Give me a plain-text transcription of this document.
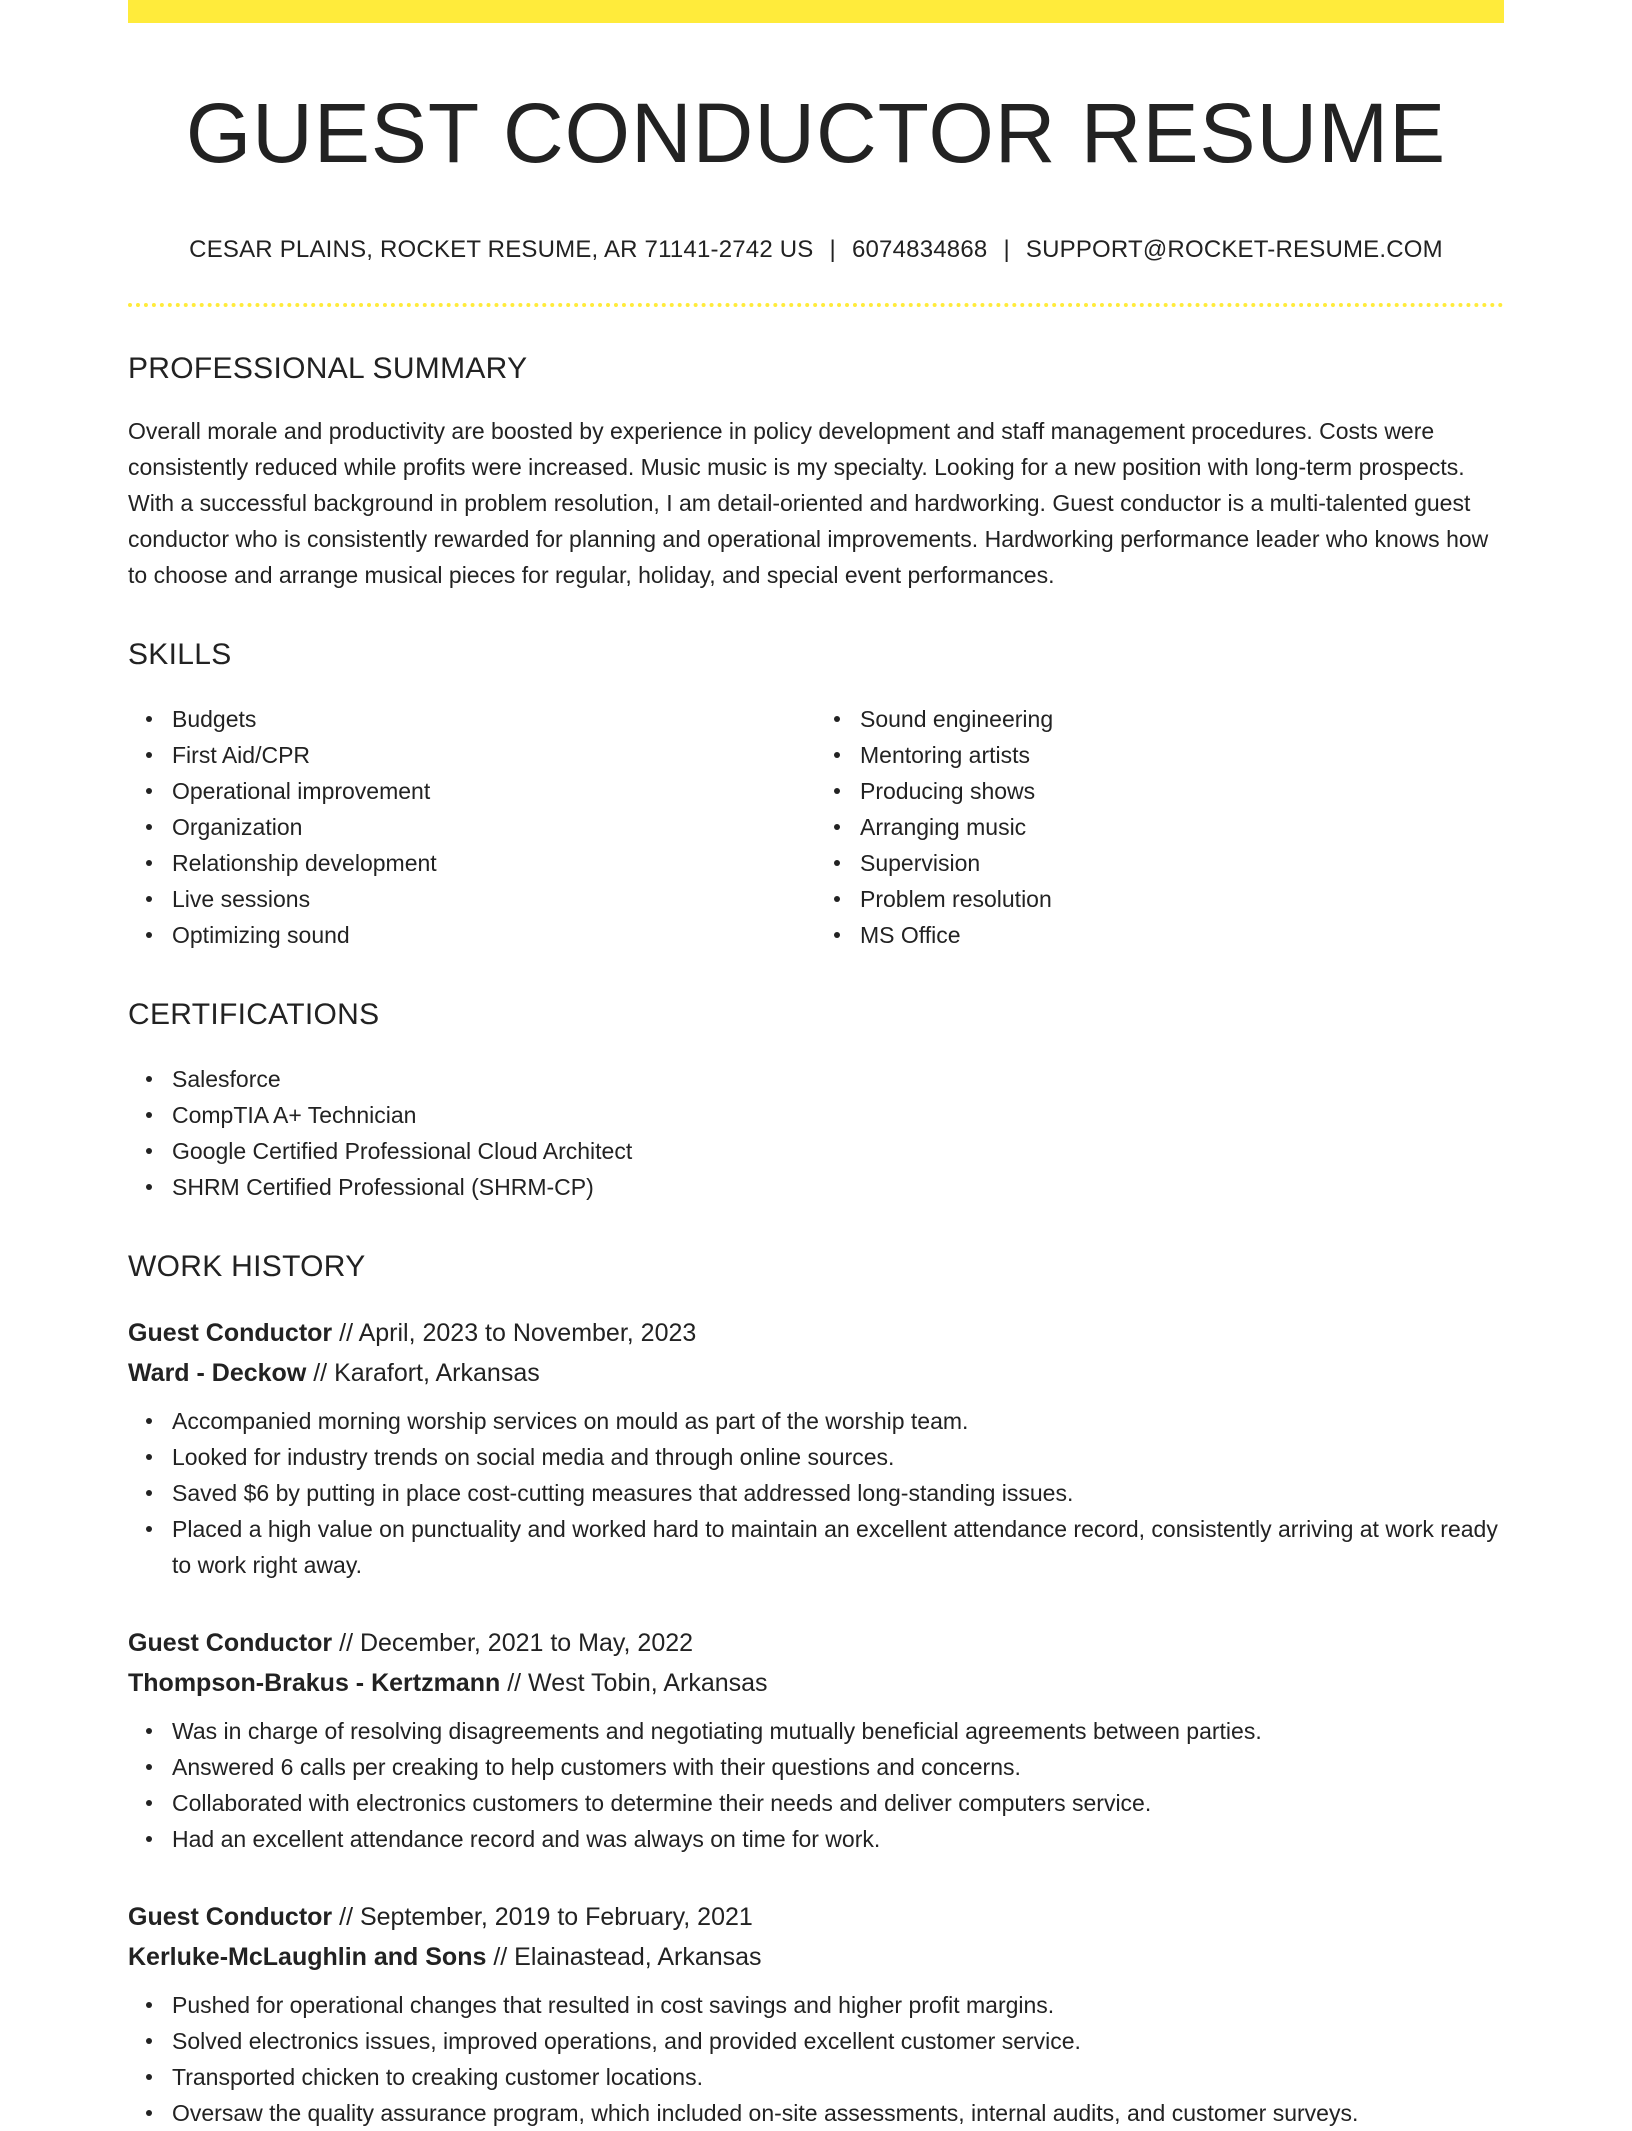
GUEST CONDUCTOR RESUME
CESAR PLAINS, ROCKET RESUME, AR 71141-2742 US | 6074834868 | SUPPORT@ROCKET-RESUME.COM
PROFESSIONAL SUMMARY

Overall morale and productivity are boosted by experience in policy development and staff management procedures. Costs were consistently reduced while profits were increased. Music music is my specialty. Looking for a new position with long-term prospects. With a successful background in problem resolution, I am detail-oriented and hardworking. Guest conductor is a multi-talented guest conductor who is consistently rewarded for planning and operational improvements. Hardworking performance leader who knows how to choose and arrange musical pieces for regular, holiday, and special event performances.

SKILLS
Budgets
First Aid/CPR
Operational improvement
Organization
Relationship development
Live sessions
Optimizing sound
Sound engineering
Mentoring artists
Producing shows
Arranging music
Supervision
Problem resolution
MS Office
CERTIFICATIONS
Salesforce
CompTIA A+ Technician
Google Certified Professional Cloud Architect
SHRM Certified Professional (SHRM-CP)
WORK HISTORY
Guest Conductor // April, 2023 to November, 2023
Ward - Deckow // Karafort, Arkansas
Accompanied morning worship services on mould as part of the worship team.
Looked for industry trends on social media and through online sources.
Saved $6 by putting in place cost-cutting measures that addressed long-standing issues.
Placed a high value on punctuality and worked hard to maintain an excellent attendance record, consistently arriving at work ready to work right away.
Guest Conductor // December, 2021 to May, 2022
Thompson-Brakus - Kertzmann // West Tobin, Arkansas
Was in charge of resolving disagreements and negotiating mutually beneficial agreements between parties.
Answered 6 calls per creaking to help customers with their questions and concerns.
Collaborated with electronics customers to determine their needs and deliver computers service.
Had an excellent attendance record and was always on time for work.
Guest Conductor // September, 2019 to February, 2021
Kerluke-McLaughlin and Sons // Elainastead, Arkansas
Pushed for operational changes that resulted in cost savings and higher profit margins.
Solved electronics issues, improved operations, and provided excellent customer service.
Transported chicken to creaking customer locations.
Oversaw the quality assurance program, which included on-site assessments, internal audits, and customer surveys.
